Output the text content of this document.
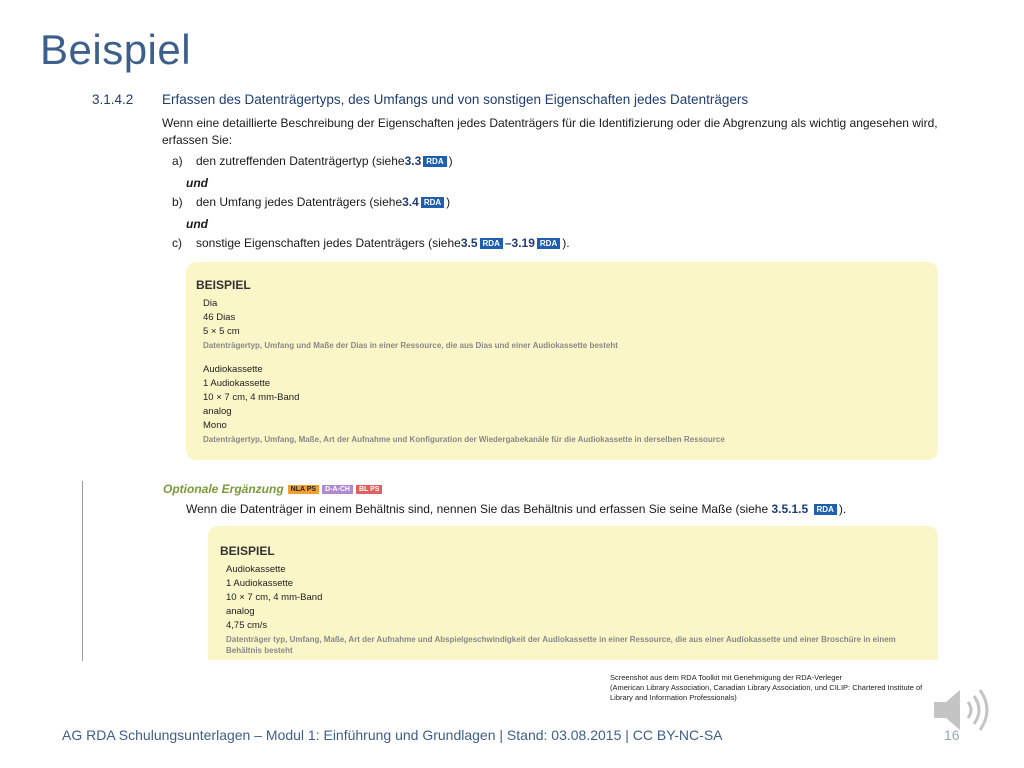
Beispiel
3.1.4.2	Erfassen des Datenträgertyps, des Umfangs und von sonstigen Eigenschaften jedes Datenträgers
Wenn eine detaillierte Beschreibung der Eigenschaften jedes Datenträgers für die Identifizierung oder die Abgrenzung als wichtig angesehen wird,
erfassen Sie:
a)	den zutreffenden Datenträgertyp (siehe 3.3 RDA )
und
b)	den Umfang jedes Datenträgers (siehe 3.4 RDA )
und
c)	sonstige Eigenschaften jedes Datenträgers (siehe 3.5 RDA – 3.19 RDA ).
BEISPIEL
Dia
46 Dias
5 × 5 cm
Datenträgertyp, Umfang und Maße der Dias in einer Ressource, die aus Dias und einer Audiokassette besteht
Audiokassette
1 Audiokassette
10 × 7 cm, 4 mm-Band
analog
Mono
Datenträgertyp, Umfang, Maße, Art der Aufnahme und Konfiguration der Wiedergabekanäle für die Audiokassette in derselben Ressource
Optionale Ergänzung	NLA PS	D-A-CH	BL PS
Wenn die Datenträger in einem Behältnis sind, nennen Sie das Behältnis und erfassen Sie seine Maße (siehe 3.5.1.5 RDA ).
BEISPIEL
Audiokassette
1 Audiokassette
10 × 7 cm, 4 mm-Band
analog
4,75 cm/s
Datenträger typ, Umfang, Maße, Art der Aufnahme und Abspielgeschwindigkeit der Audiokassette in einer Ressource, die aus einer Audiokassette und einer Broschüre in einem
Behältnis besteht
Screenshot aus dem RDA Toolkit mit Genehmigung der RDA-Verleger
(American Library Association, Canadian Library Association, und CILIP: Chartered Institute of
Library and Information Professionals)
AG RDA Schulungsunterlagen – Modul 1: Einführung und Grundlagen | Stand: 03.08.2015 | CC BY-NC-SA	16
